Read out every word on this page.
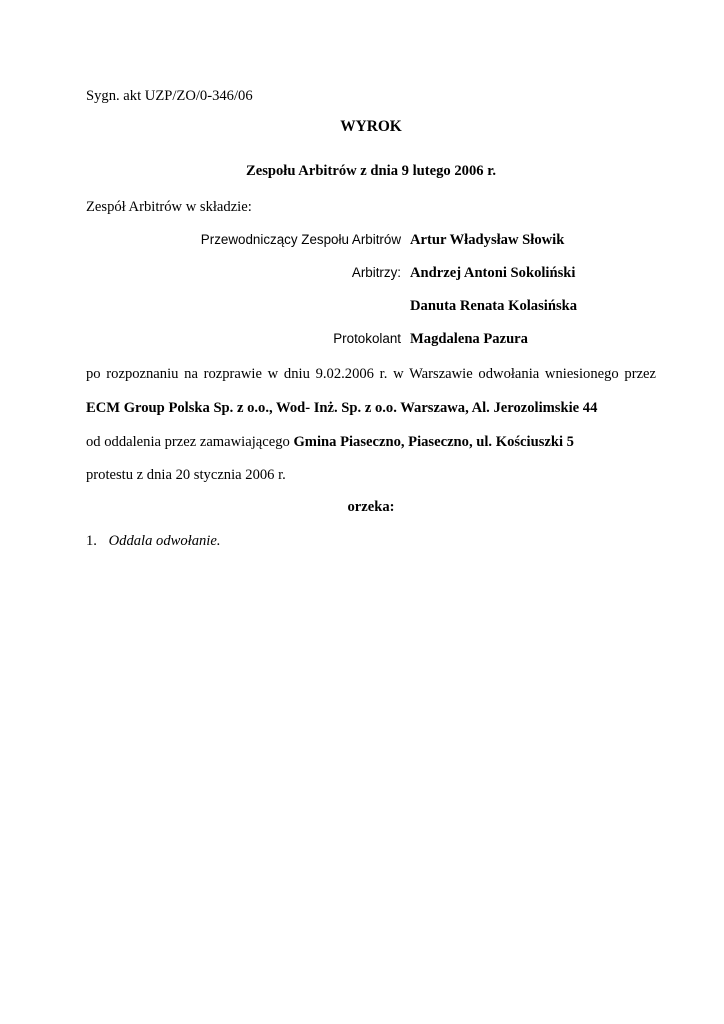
Sygn. akt UZP/ZO/0-346/06
WYROK
Zespołu Arbitrów z dnia 9 lutego 2006 r.
Zespół Arbitrów w składzie:
Przewodniczący Zespołu Arbitrów Artur Władysław Słowik
Arbitrzy: Andrzej Antoni Sokoliński
Danuta Renata Kolasińska
Protokolant Magdalena Pazura
po rozpoznaniu na rozprawie w dniu 9.02.2006 r. w Warszawie odwołania wniesionego przez
ECM Group Polska Sp. z o.o., Wod- Inż. Sp. z o.o. Warszawa, Al. Jerozolimskie 44
od oddalenia przez zamawiającego Gmina Piaseczno, Piaseczno, ul. Kościuszki 5
protestu z dnia 20 stycznia 2006 r.
orzeka:
1. Oddala odwołanie.
